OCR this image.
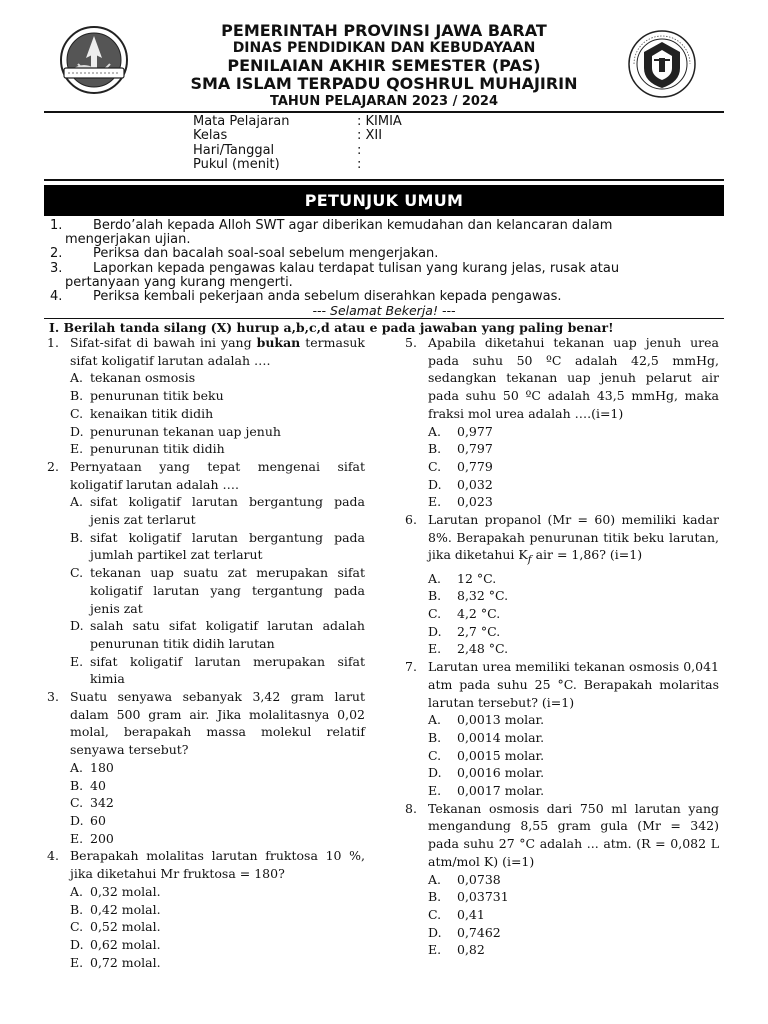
PEMERINTAH PROVINSI JAWA BARAT
DINAS PENDIDIKAN DAN KEBUDAYAAN
PENILAIAN AKHIR SEMESTER (PAS)
SMA ISLAM TERPADU QOSHRUL MUHAJIRIN
TAHUN PELAJARAN 2023 / 2024
Mata Pelajaran	: KIMIA
Kelas	: XII
Hari/Tanggal	:
Pukul (menit)	:
PETUNJUK UMUM
1.	Berdo’alah kepada Alloh SWT agar diberikan kemudahan dan kelancaran dalam
mengerjakan ujian.
2.	Periksa dan bacalah soal-soal sebelum mengerjakan.
3.	Laporkan kepada pengawas kalau terdapat tulisan yang kurang jelas, rusak atau
pertanyaan yang kurang mengerti.
4.	Periksa kembali pekerjaan anda sebelum diserahkan kepada pengawas.
--- Selamat Bekerja! ---
I. Berilah tanda silang (X) hurup a,b,c,d atau e pada jawaban yang paling benar!
1. Sifat-sifat di bawah ini yang bukan termasuk sifat koligatif larutan adalah ….
A. tekanan osmosis
B. penurunan titik beku
C. kenaikan titik didih
D. penurunan tekanan uap jenuh
E. penurunan titik didih
2. Pernyataan yang tepat mengenai sifat koligatif larutan adalah ….
A. sifat koligatif larutan bergantung pada jenis zat terlarut
B. sifat koligatif larutan bergantung pada jumlah partikel zat terlarut
C. tekanan uap suatu zat merupakan sifat koligatif larutan yang tergantung pada jenis zat
D. salah satu sifat koligatif larutan adalah penurunan titik didih larutan
E. sifat koligatif larutan merupakan sifat kimia
3. Suatu senyawa sebanyak 3,42 gram larut dalam 500 gram air. Jika molalitasnya 0,02 molal, berapakah massa molekul relatif senyawa tersebut?
A. 180
B. 40
C. 342
D. 60
E. 200
4. Berapakah molalitas larutan fruktosa 10 %, jika diketahui Mr fruktosa = 180?
A. 0,32 molal.
B. 0,42 molal.
C. 0,52 molal.
D. 0,62 molal.
E. 0,72 molal.
5. Apabila diketahui tekanan uap jenuh urea pada suhu 50 ºC adalah 42,5 mmHg, sedangkan tekanan uap jenuh pelarut air pada suhu 50 ºC adalah 43,5 mmHg, maka fraksi mol urea adalah ….(i=1)
A.	0,977
B.	0,797
C.	0,779
D.	0,032
E.	0,023
6. Larutan propanol (Mr = 60) memiliki kadar 8%. Berapakah penurunan titik beku larutan, jika diketahui $K_f$ air = 1,86? (i=1)
A.	12 °C.
B.	8,32 °C.
C.	4,2 °C.
D.	2,7 °C.
E.	2,48 °C.
7. Larutan urea memiliki tekanan osmosis 0,041 atm pada suhu 25 °C. Berapakah molaritas larutan tersebut? (i=1)
A.	0,0013 molar.
B.	0,0014 molar.
C.	0,0015 molar.
D.	0,0016 molar.
E.	0,0017 molar.
8. Tekanan osmosis dari 750 ml larutan yang mengandung 8,55 gram gula (Mr = 342) pada suhu 27 °C adalah ... atm. (R = 0,082 L atm/mol K) (i=1)
A.	0,0738
B.	0,03731
C.	0,41
D.	0,7462
E.	0,82
